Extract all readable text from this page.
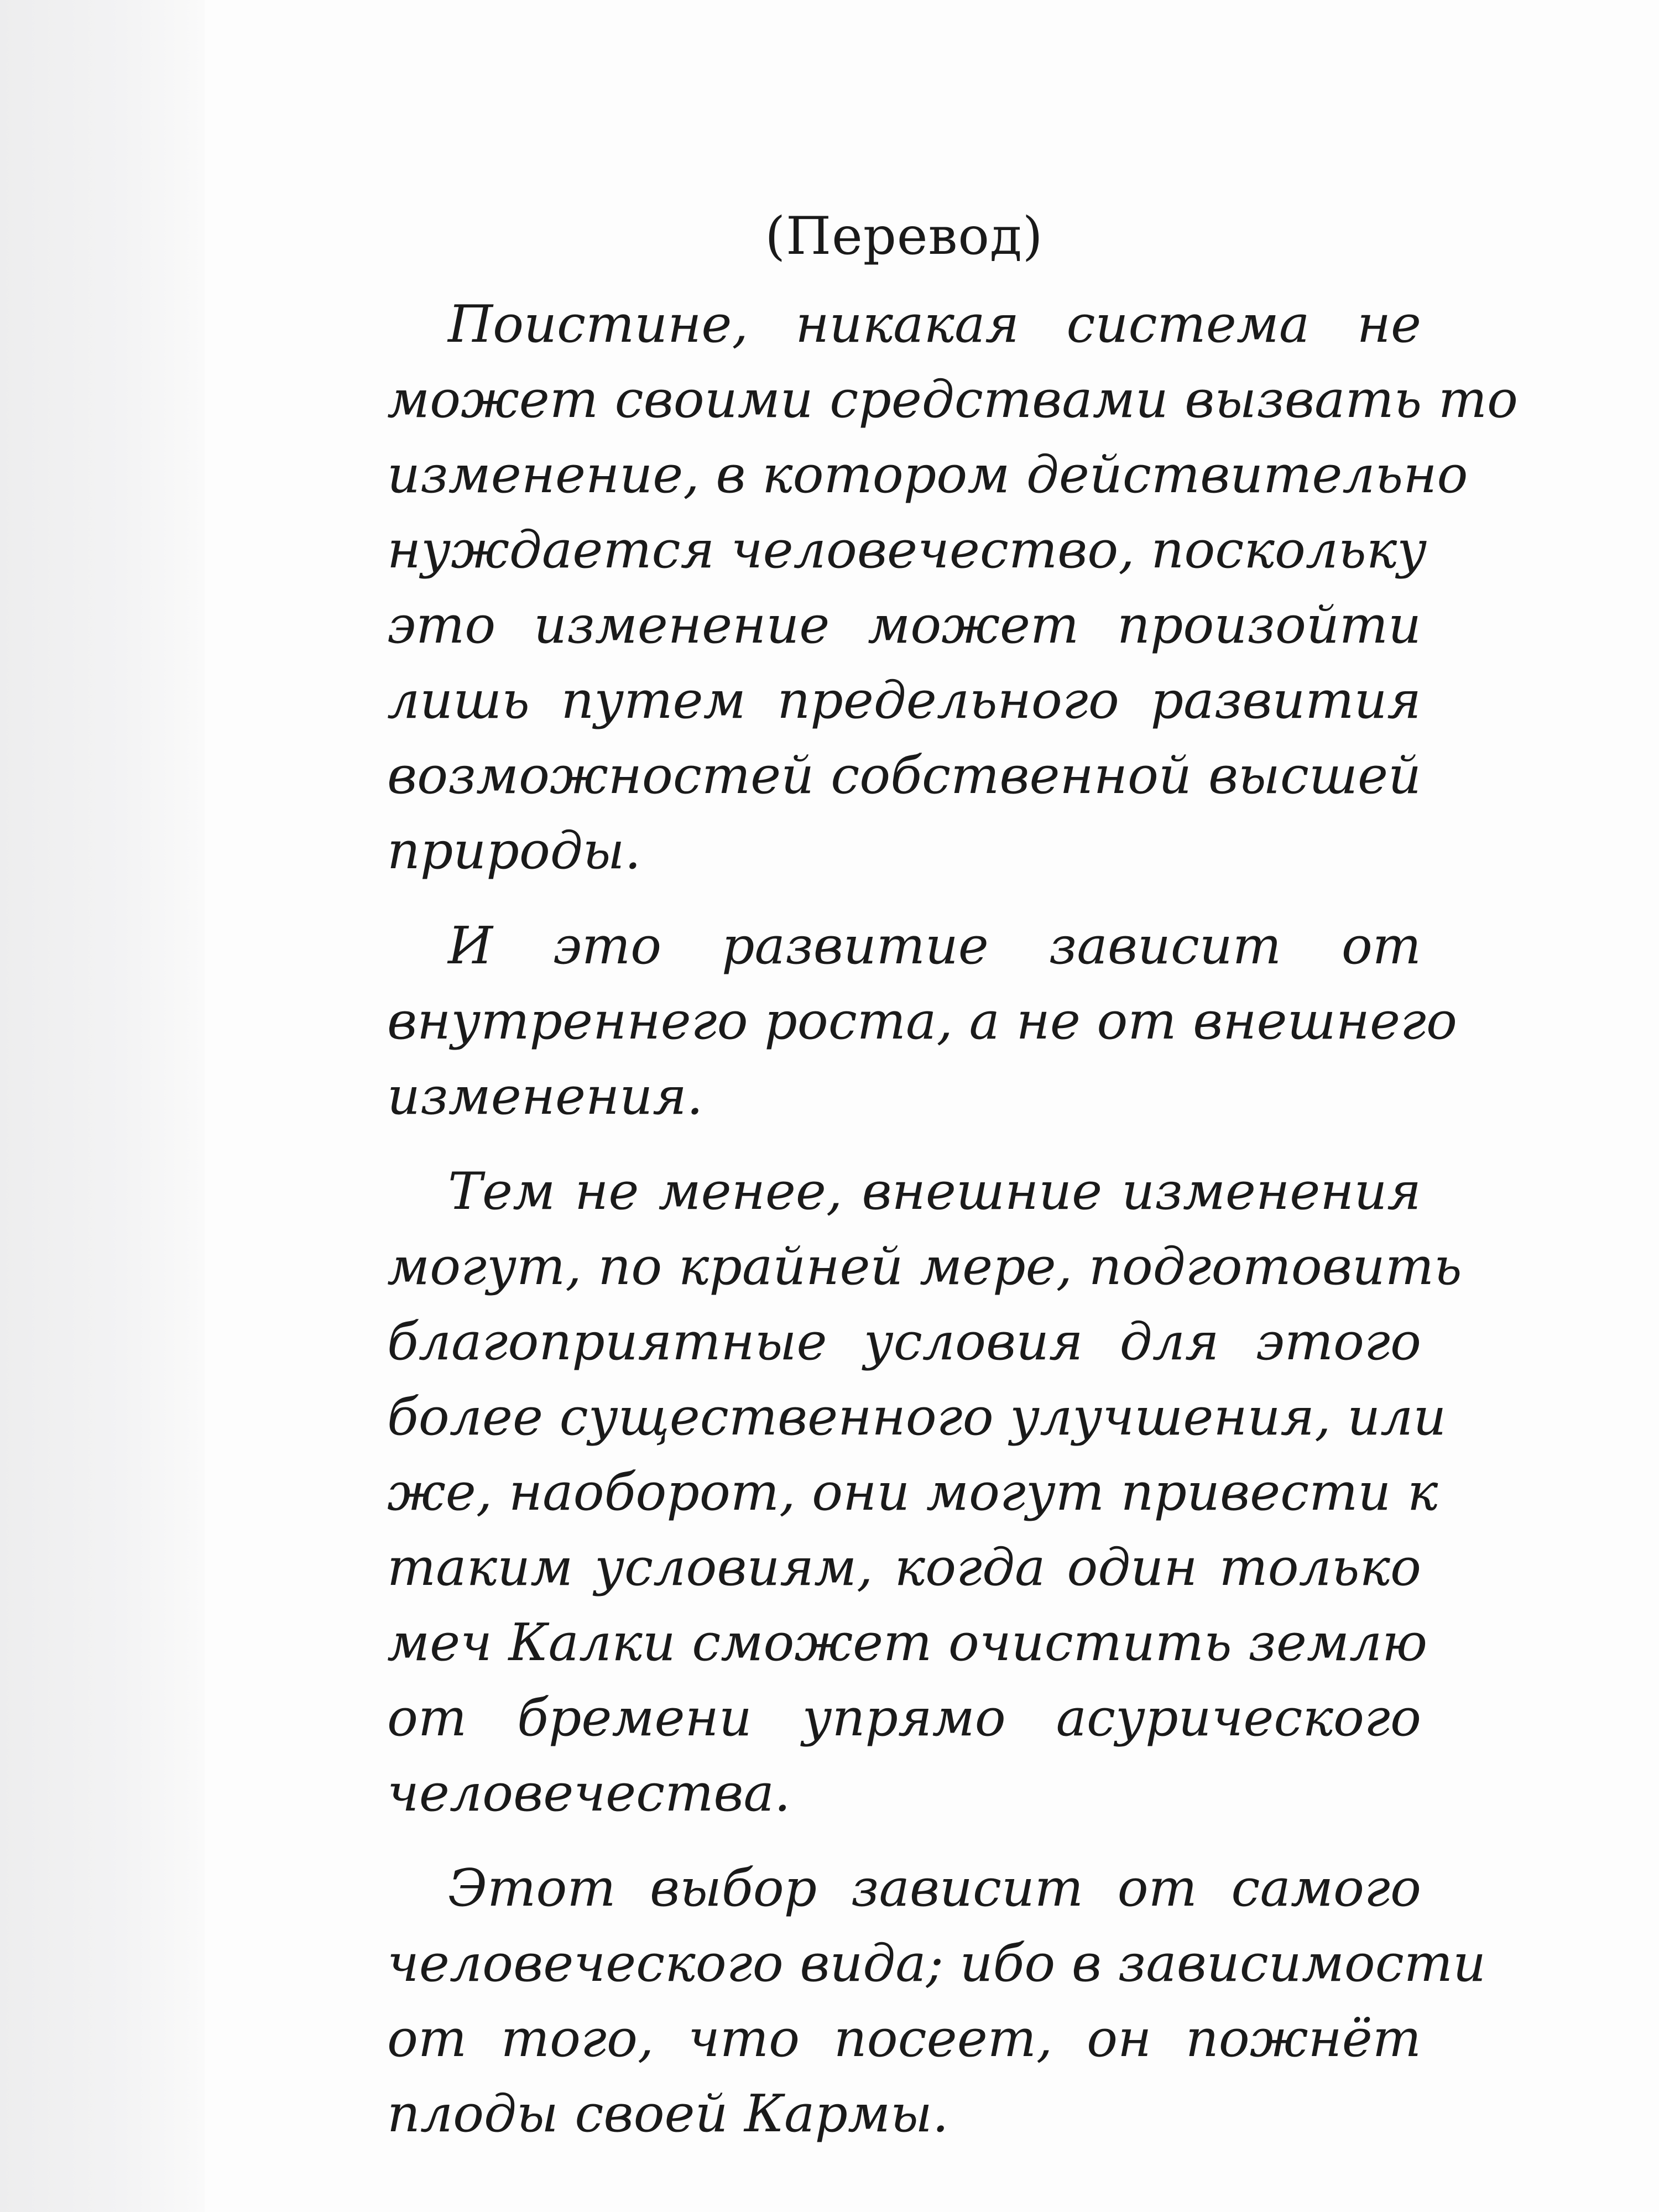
(Перевод)
Поистине, никакая система не
может своими средствами вызвать то
изменение, в котором действительно
нуждается человечество, поскольку
это изменение может произойти
лишь путем предельного развития
возможностей собственной высшей
природы.
И это развитие зависит от
внутреннего роста, а не от внешнего
изменения.
Тем не менее, внешние изменения
могут, по крайней мере, подготовить
благоприятные условия для этого
более существенного улучшения, или
же, наоборот, они могут привести к
таким условиям, когда один только
меч Калки сможет очистить землю
от бремени упрямо асурического
человечества.
Этот выбор зависит от самого
человеческого вида; ибо в зависимости
от того, что посеет, он пожнёт
плоды своей Кармы.
